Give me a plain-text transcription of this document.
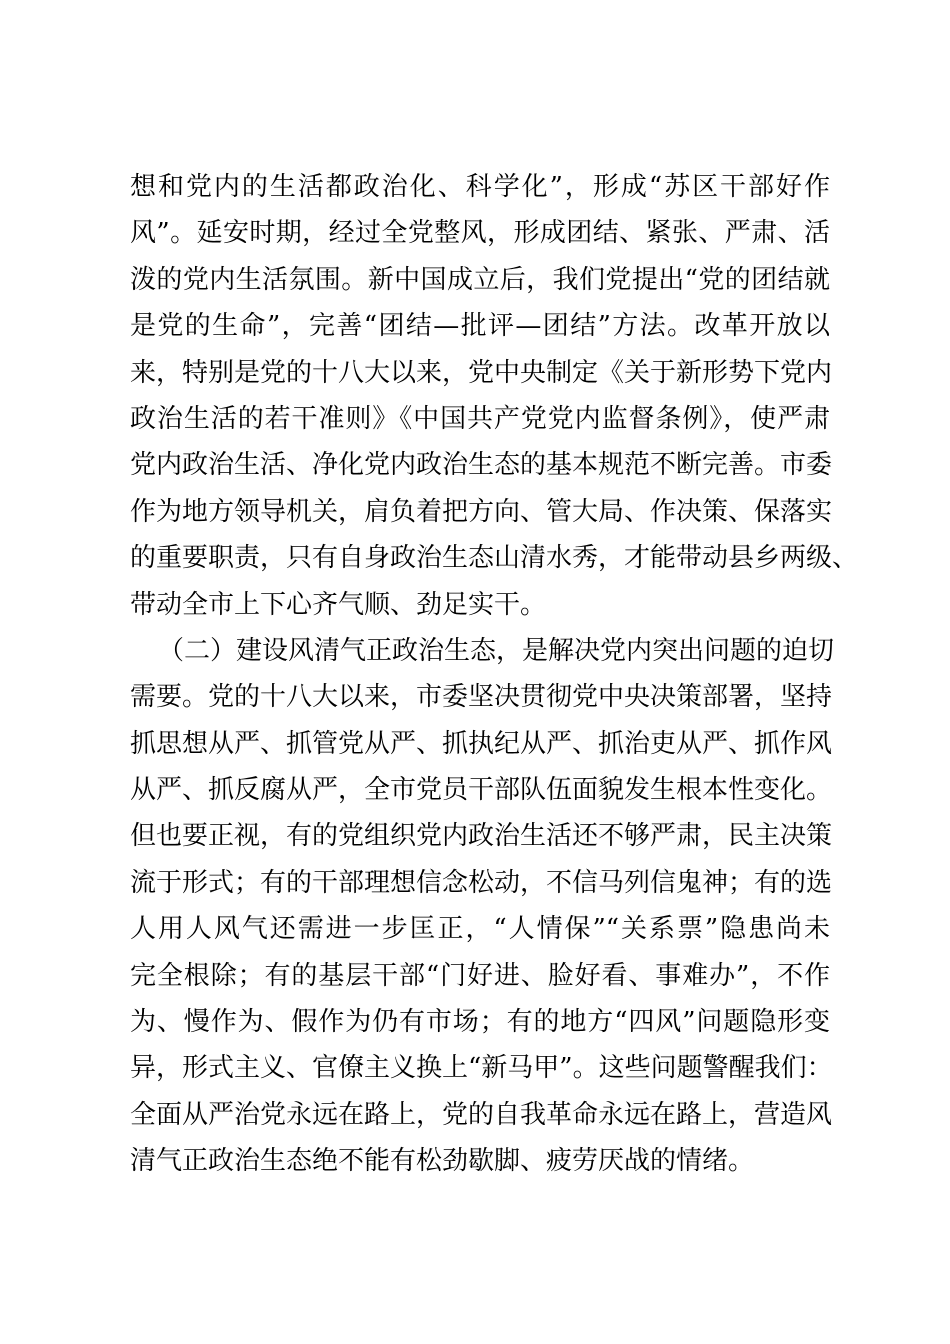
想和党内的生活都政治化、科学化”，形成“苏区干部好作
风”。延安时期，经过全党整风，形成团结、紧张、严肃、活
泼的党内生活氛围。新中国成立后，我们党提出“党的团结就
是党的生命”，完善“团结—批评—团结”方法。改革开放以
来，特别是党的十八大以来，党中央制定《关于新形势下党内
政治生活的若干准则》《中国共产党党内监督条例》，使严肃
党内政治生活、净化党内政治生态的基本规范不断完善。市委
作为地方领导机关，肩负着把方向、管大局、作决策、保落实
的重要职责，只有自身政治生态山清水秀，才能带动县乡两级、
带动全市上下心齐气顺、劲足实干。
（二）建设风清气正政治生态，是解决党内突出问题的迫切
需要。党的十八大以来，市委坚决贯彻党中央决策部署，坚持
抓思想从严、抓管党从严、抓执纪从严、抓治吏从严、抓作风
从严、抓反腐从严，全市党员干部队伍面貌发生根本性变化。
但也要正视，有的党组织党内政治生活还不够严肃，民主决策
流于形式；有的干部理想信念松动，不信马列信鬼神；有的选
人用人风气还需进一步匡正，“人情保”“关系票”隐患尚未
完全根除；有的基层干部“门好进、脸好看、事难办”，不作
为、慢作为、假作为仍有市场；有的地方“四风”问题隐形变
异，形式主义、官僚主义换上“新马甲”。这些问题警醒我们：
全面从严治党永远在路上，党的自我革命永远在路上，营造风
清气正政治生态绝不能有松劲歇脚、疲劳厌战的情绪。
